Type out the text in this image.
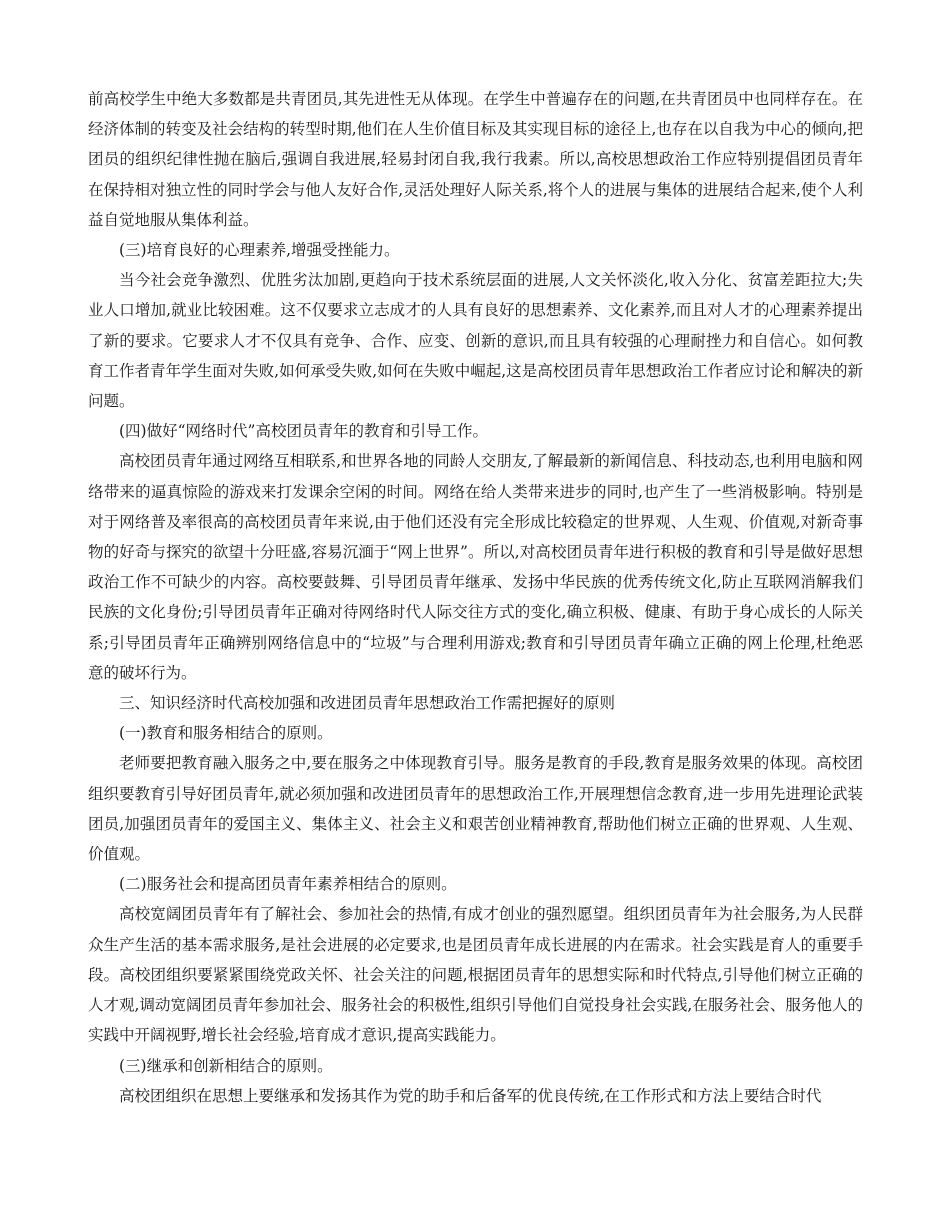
前高校学生中绝大多数都是共青团员,其先进性无从体现。在学生中普遍存在的问题,在共青团员中也同样存在。在经济体制的转变及社会结构的转型时期,他们在人生价值目标及其实现目标的途径上,也存在以自我为中心的倾向,把团员的组织纪律性抛在脑后,强调自我进展,轻易封闭自我,我行我素。所以,高校思想政治工作应特别提倡团员青年在保持相对独立性的同时学会与他人友好合作,灵活处理好人际关系,将个人的进展与集体的进展结合起来,使个人利益自觉地服从集体利益。

(三)培育良好的心理素养,增强受挫能力。

当今社会竞争激烈、优胜劣汰加剧,更趋向于技术系统层面的进展,人文关怀淡化,收入分化、贫富差距拉大;失业人口增加,就业比较困难。这不仅要求立志成才的人具有良好的思想素养、文化素养,而且对人才的心理素养提出了新的要求。它要求人才不仅具有竞争、合作、应变、创新的意识,而且具有较强的心理耐挫力和自信心。如何教育工作者青年学生面对失败,如何承受失败,如何在失败中崛起,这是高校团员青年思想政治工作者应讨论和解决的新问题。

(四)做好“网络时代”高校团员青年的教育和引导工作。

高校团员青年通过网络互相联系,和世界各地的同龄人交朋友,了解最新的新闻信息、科技动态,也利用电脑和网络带来的逼真惊险的游戏来打发课余空闲的时间。网络在给人类带来进步的同时,也产生了一些消极影响。特别是对于网络普及率很高的高校团员青年来说,由于他们还没有完全形成比较稳定的世界观、人生观、价值观,对新奇事物的好奇与探究的欲望十分旺盛,容易沉湎于“网上世界”。所以,对高校团员青年进行积极的教育和引导是做好思想政治工作不可缺少的内容。高校要鼓舞、引导团员青年继承、发扬中华民族的优秀传统文化,防止互联网消解我们民族的文化身份;引导团员青年正确对待网络时代人际交往方式的变化,确立积极、健康、有助于身心成长的人际关系;引导团员青年正确辨别网络信息中的“垃圾”与合理利用游戏;教育和引导团员青年确立正确的网上伦理,杜绝恶意的破坏行为。

三、知识经济时代高校加强和改进团员青年思想政治工作需把握好的原则

(一)教育和服务相结合的原则。

老师要把教育融入服务之中,要在服务之中体现教育引导。服务是教育的手段,教育是服务效果的体现。高校团组织要教育引导好团员青年,就必须加强和改进团员青年的思想政治工作,开展理想信念教育,进一步用先进理论武装团员,加强团员青年的爱国主义、集体主义、社会主义和艰苦创业精神教育,帮助他们树立正确的世界观、人生观、价值观。

(二)服务社会和提高团员青年素养相结合的原则。

高校宽阔团员青年有了解社会、参加社会的热情,有成才创业的强烈愿望。组织团员青年为社会服务,为人民群众生产生活的基本需求服务,是社会进展的必定要求,也是团员青年成长进展的内在需求。社会实践是育人的重要手段。高校团组织要紧紧围绕党政关怀、社会关注的问题,根据团员青年的思想实际和时代特点,引导他们树立正确的人才观,调动宽阔团员青年参加社会、服务社会的积极性,组织引导他们自觉投身社会实践,在服务社会、服务他人的实践中开阔视野,增长社会经验,培育成才意识,提高实践能力。

(三)继承和创新相结合的原则。

高校团组织在思想上要继承和发扬其作为党的助手和后备军的优良传统,在工作形式和方法上要结合时代
